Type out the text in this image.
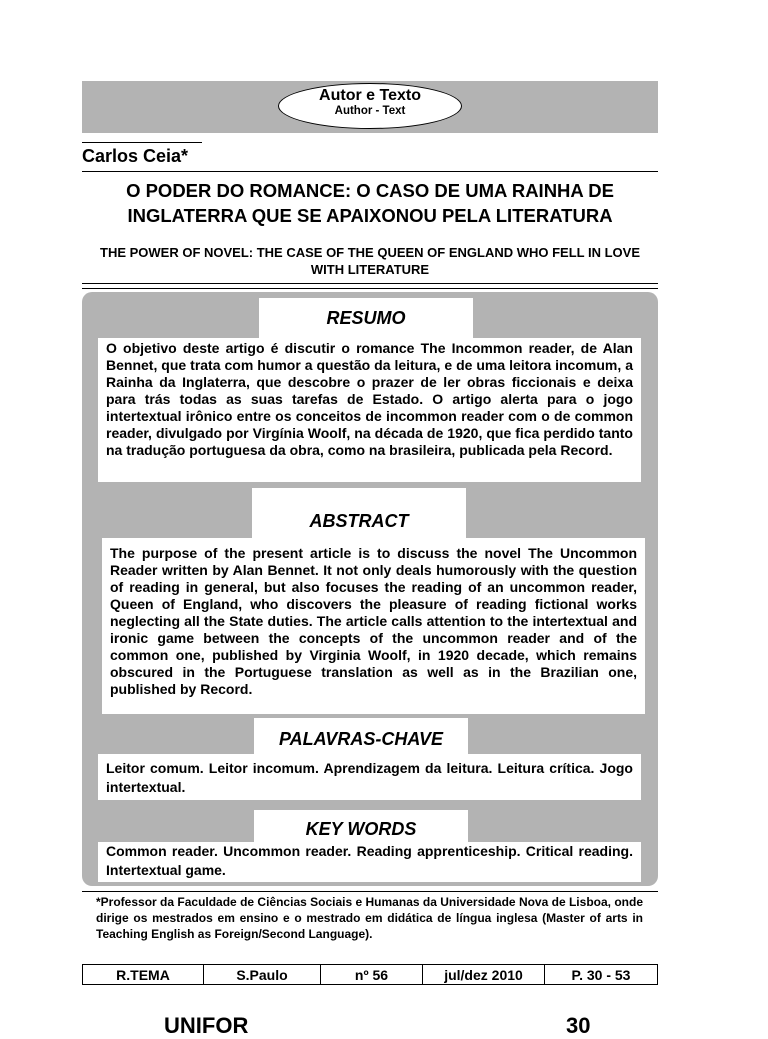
Autor e Texto
Author - Text
Carlos Ceia*
O PODER DO ROMANCE: O CASO DE UMA RAINHA DE INGLATERRA QUE SE APAIXONOU PELA LITERATURA
THE POWER OF NOVEL: THE CASE OF THE QUEEN OF ENGLAND WHO FELL IN LOVE WITH LITERATURE
RESUMO
O objetivo deste artigo é discutir o romance The Incommon reader, de Alan Bennet, que trata com humor a questão da leitura, e de uma leitora incomum, a Rainha da Inglaterra, que descobre o prazer de ler obras ficcionais e deixa para trás todas as suas tarefas de Estado. O artigo alerta para o jogo intertextual irônico entre os conceitos de incommon reader com o de common reader, divulgado por Virgínia Woolf, na década de 1920, que fica perdido tanto na tradução portuguesa da obra, como na brasileira, publicada pela Record.
ABSTRACT
The purpose of the present article is to discuss the novel The Uncommon Reader written by Alan Bennet. It not only deals humorously with the question of reading in general, but also focuses the reading of an uncommon reader, Queen of England, who discovers the pleasure of reading fictional works neglecting all the State duties. The article calls attention to the intertextual and ironic game between the concepts of the uncommon reader and of the common one, published by Virginia Woolf, in 1920 decade, which remains obscured in the Portuguese translation as well as in the Brazilian one, published by Record.
PALAVRAS-CHAVE
Leitor comum. Leitor incomum. Aprendizagem da leitura. Leitura crítica. Jogo intertextual.
KEY WORDS
Common reader. Uncommon reader. Reading apprenticeship. Critical reading. Intertextual game.
*Professor da Faculdade de Ciências Sociais e Humanas da Universidade Nova de Lisboa, onde dirige os mestrados em ensino e o mestrado em didática de língua inglesa (Master of arts in Teaching English as Foreign/Second Language).
R.TEMA	S.Paulo	nº 56	jul/dez 2010	P. 30 - 53
UNIFOR	30
